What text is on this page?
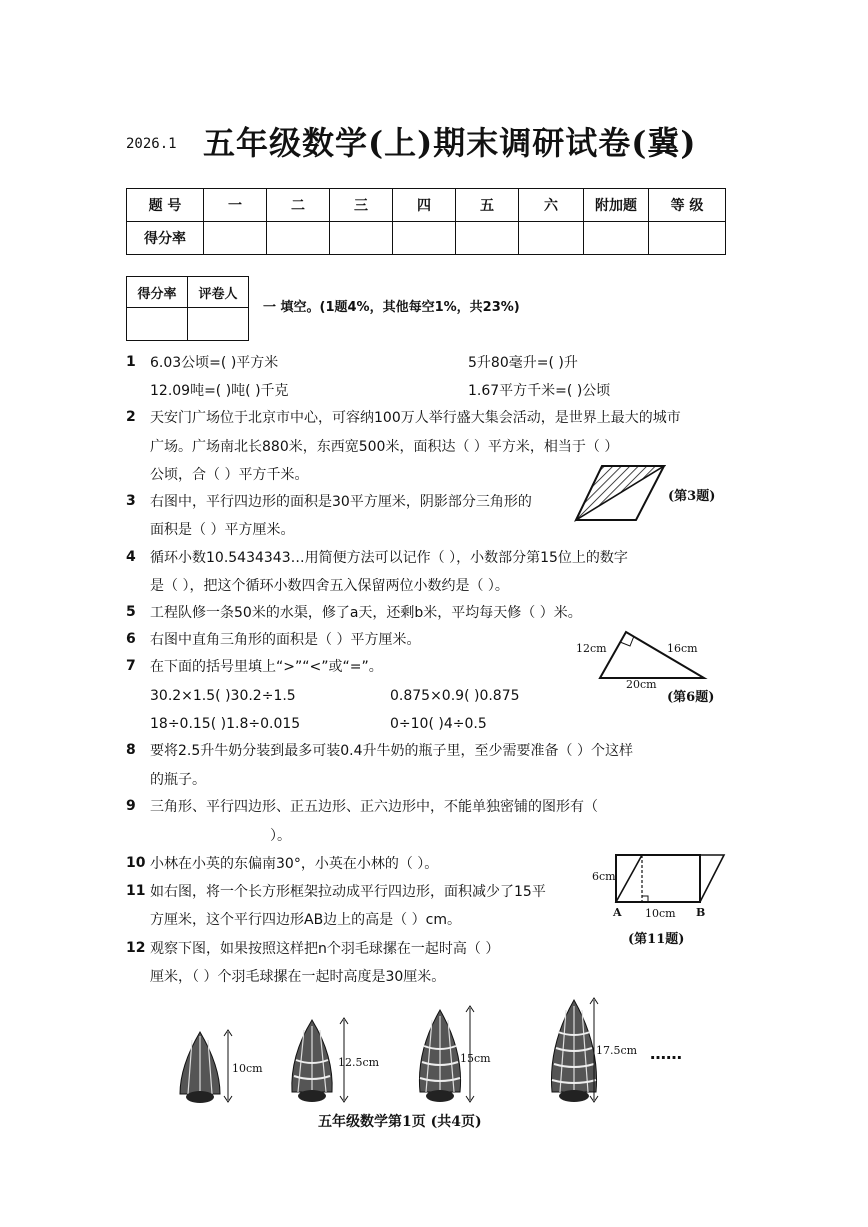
2026.1 五年级数学(上)期末调研试卷(冀)
题 号	一	二	三	四	五	六	附加题	等 级
得分率								
得分率	评卷人

一 填空。(1题4%，其他每空1%，共23%)
1 6.03公顷=( )平方米	5升80毫升=( )升
12.09吨=( )吨( )千克	1.67平方千米=( )公顷
2 天安门广场位于北京市中心，可容纳100万人举行盛大集会活动，是世界上最大的城市
广场。广场南北长880米，东西宽500米，面积达（ ）平方米，相当于（ ）
公顷，合（ ）平方千米。
3 右图中，平行四边形的面积是30平方厘米，阴影部分三角形的
面积是（ ）平方厘米。
(第3题)
4 循环小数10.5434343…用简便方法可以记作（ ），小数部分第15位上的数字
是（ ），把这个循环小数四舍五入保留两位小数约是（ ）。
5 工程队修一条50米的水渠，修了a天，还剩b米，平均每天修（ ）米。
6 右图中直角三角形的面积是（ ）平方厘米。
12cm	16cm
20cm
(第6题)
7 在下面的括号里填上“>”“<”或“=”。
30.2×1.5( )30.2÷1.5	0.875×0.9( )0.875
18÷0.15( )1.8÷0.015	0÷10( )4÷0.5
8 要将2.5升牛奶分装到最多可装0.4升牛奶的瓶子里，至少需要准备（ ）个这样
的瓶子。
9 三角形、平行四边形、正五边形、正六边形中，不能单独密铺的图形有（
）。
10 小林在小英的东偏南30°，小英在小林的（ ）。
11 如右图，将一个长方形框架拉动成平行四边形，面积减少了15平
方厘米，这个平行四边形AB边上的高是（ ）cm。
6cm
A 10cm B
(第11题)
12 观察下图，如果按照这样把n个羽毛球摞在一起时高（ ）
厘米，（ ）个羽毛球摞在一起时高度是30厘米。
10cm	12.5cm	15cm
17.5cm ……
五年级数学第1页 (共4页)
